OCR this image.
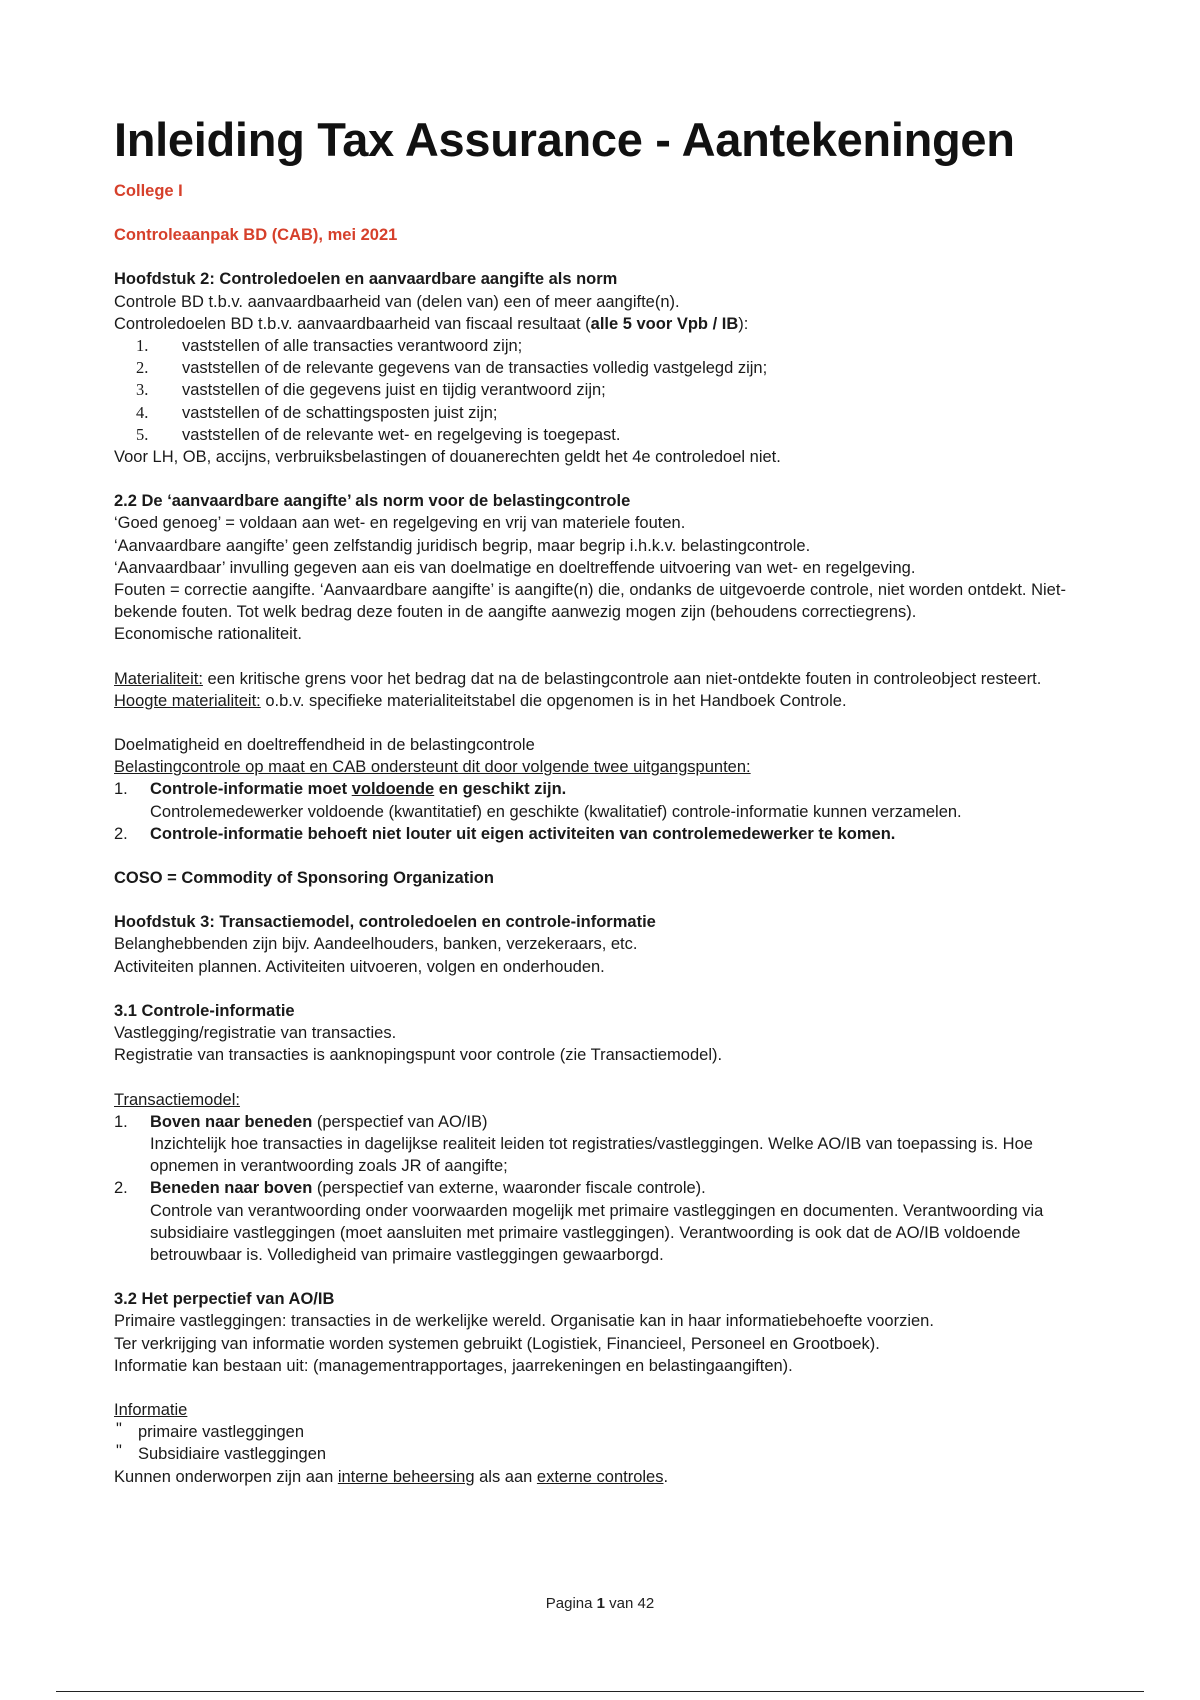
Inleiding Tax Assurance - Aantekeningen

College I

Controleaanpak BD (CAB), mei 2021

Hoofdstuk 2: Controledoelen en aanvaardbare aangifte als norm

Controle BD t.b.v. aanvaardbaarheid van (delen van) een of meer aangifte(n).

Controledoelen BD t.b.v. aanvaardbaarheid van fiscaal resultaat (alle 5 voor Vpb / IB):

1. vaststellen of alle transacties verantwoord zijn;
2. vaststellen of de relevante gegevens van de transacties volledig vastgelegd zijn;
3. vaststellen of die gegevens juist en tijdig verantwoord zijn;
4. vaststellen of de schattingsposten juist zijn;
5. vaststellen of de relevante wet- en regelgeving is toegepast.

Voor LH, OB, accijns, verbruiksbelastingen of douanerechten geldt het 4e controledoel niet.

2.2 De ‘aanvaardbare aangifte’ als norm voor de belastingcontrole

‘Goed genoeg’ = voldaan aan wet- en regelgeving en vrij van materiele fouten.

‘Aanvaardbare aangifte’ geen zelfstandig juridisch begrip, maar begrip i.h.k.v. belastingcontrole.

‘Aanvaardbaar’ invulling gegeven aan eis van doelmatige en doeltreffende uitvoering van wet- en regelgeving.

Fouten = correctie aangifte. ‘Aanvaardbare aangifte’ is aangifte(n) die, ondanks de uitgevoerde controle, niet worden ontdekt. Niet-bekende fouten. Tot welk bedrag deze fouten in de aangifte aanwezig mogen zijn (behoudens correctiegrens).

Economische rationaliteit.

Materialiteit: een kritische grens voor het bedrag dat na de belastingcontrole aan niet-ontdekte fouten in controleobject resteert.

Hoogte materialiteit: o.b.v. specifieke materialiteitstabel die opgenomen is in het Handboek Controle.

Doelmatigheid en doeltreffendheid in de belastingcontrole

Belastingcontrole op maat en CAB ondersteunt dit door volgende twee uitgangspunten:

1. Controle-informatie moet voldoende en geschikt zijn.
Controlemedewerker voldoende (kwantitatief) en geschikte (kwalitatief) controle-informatie kunnen verzamelen.
2. Controle-informatie behoeft niet louter uit eigen activiteiten van controlemedewerker te komen.

COSO = Commodity of Sponsoring Organization

Hoofdstuk 3: Transactiemodel, controledoelen en controle-informatie

Belanghebbenden zijn bijv. Aandeelhouders, banken, verzekeraars, etc.

Activiteiten plannen. Activiteiten uitvoeren, volgen en onderhouden.

3.1 Controle-informatie

Vastlegging/registratie van transacties.

Registratie van transacties is aanknopingspunt voor controle (zie Transactiemodel).

Transactiemodel:

1. Boven naar beneden (perspectief van AO/IB)
Inzichtelijk hoe transacties in dagelijkse realiteit leiden tot registraties/vastleggingen. Welke AO/IB van toepassing is. Hoe opnemen in verantwoording zoals JR of aangifte;
2. Beneden naar boven (perspectief van externe, waaronder fiscale controle).
Controle van verantwoording onder voorwaarden mogelijk met primaire vastleggingen en documenten. Verantwoording via subsidiaire vastleggingen (moet aansluiten met primaire vastleggingen). Verantwoording is ook dat de AO/IB voldoende betrouwbaar is. Volledigheid van primaire vastleggingen gewaarborgd.

3.2 Het perpectief van AO/IB

Primaire vastleggingen: transacties in de werkelijke wereld. Organisatie kan in haar informatiebehoefte voorzien.

Ter verkrijging van informatie worden systemen gebruikt (Logistiek, Financieel, Personeel en Grootboek).

Informatie kan bestaan uit: (managementrapportages, jaarrekeningen en belastingaangiften).

Informatie

" primaire vastleggingen
" Subsidiaire vastleggingen

Kunnen onderworpen zijn aan interne beheersing als aan externe controles.

Pagina 1 van 42
